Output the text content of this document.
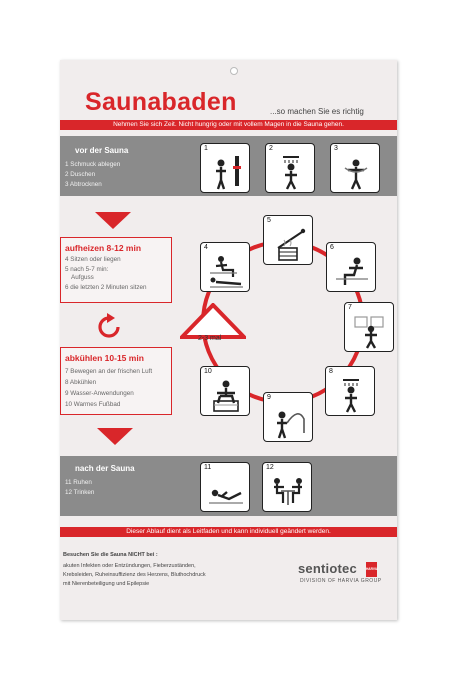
Saunabaden	...so machen Sie es richtig
Nehmen Sie sich Zeit. Nicht hungrig oder mit vollem Magen in die Sauna gehen.
vor der Sauna
1 Schmuck ablegen
2 Duschen
3 Abtrocknen
aufheizen 8-12 min
4 Sitzen oder liegen
5 nach 5-7 min:
Aufguss
6 die letzten 2 Minuten sitzen
abkühlen 10-15 min
7 Bewegen an der frischen Luft
8 Abkühlen
9 Wasser-Anwendungen
10 Warmes Fußbad
nach der Sauna
11 Ruhen
12 Trinken
2-3 mal
1	2	3
4
5
6
7
8
9
10
11	12
Dieser Ablauf dient als Leitfaden und kann individuell geändert werden.
Besuchen Sie die Sauna NICHT bei :
akuten Infekten oder Entzündungen, Fieberzuständen,
Krebsleiden, Ruheinsuffizienz des Herzens, Bluthochdruck
mit Nierenbeteiligung und Epilepsie
sentiotec	HARVIA
DIVISION OF HARVIA GROUP
